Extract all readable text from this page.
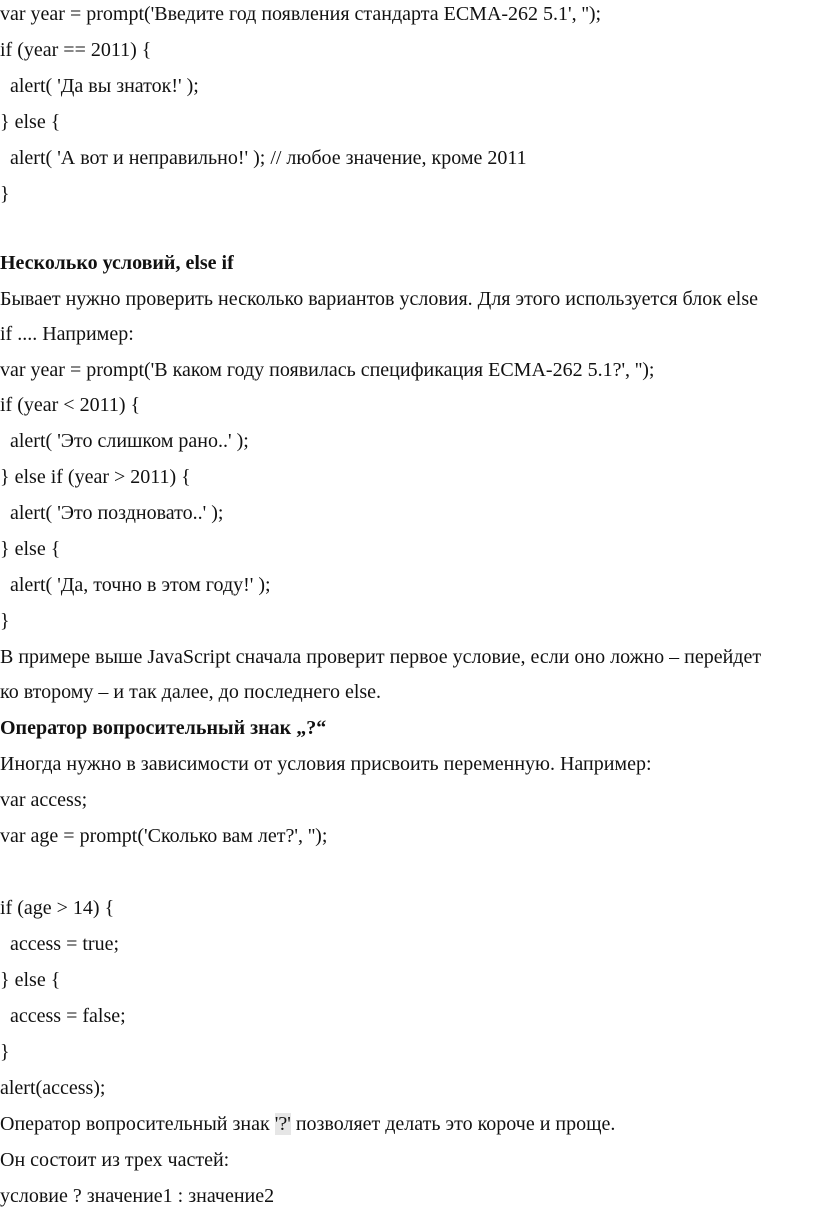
var year = prompt('Введите год появления стандарта ECMA-262 5.1', '');
if (year == 2011) {
alert( 'Да вы знаток!' );
} else {
alert( 'А вот и неправильно!' ); // любое значение, кроме 2011
}
Несколько условий, else if
Бывает нужно проверить несколько вариантов условия. Для этого используется блок else
if .... Например:
var year = prompt('В каком году появилась спецификация ECMA-262 5.1?', '');
if (year < 2011) {
alert( 'Это слишком рано..' );
} else if (year > 2011) {
alert( 'Это поздновато..' );
} else {
alert( 'Да, точно в этом году!' );
}
В примере выше JavaScript сначала проверит первое условие, если оно ложно – перейдет
ко второму – и так далее, до последнего else.
Оператор вопросительный знак „?“
Иногда нужно в зависимости от условия присвоить переменную. Например:
var access;
var age = prompt('Сколько вам лет?', '');
if (age > 14) {
access = true;
} else {
access = false;
}
alert(access);
Оператор вопросительный знак '?' позволяет делать это короче и проще.
Он состоит из трех частей:
условие ? значение1 : значение2
